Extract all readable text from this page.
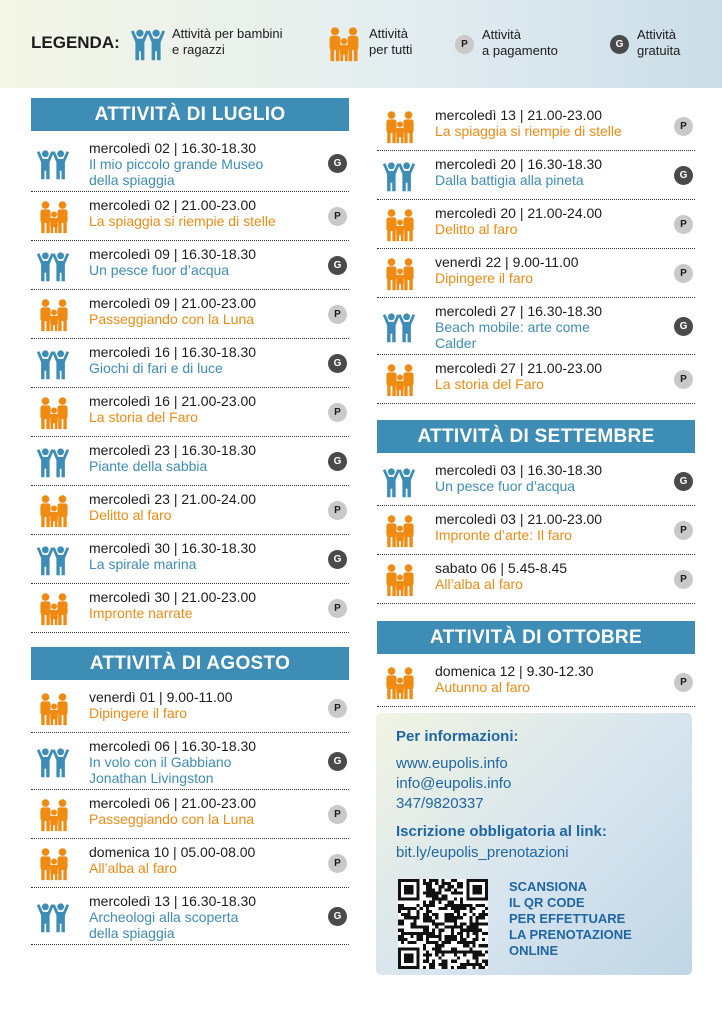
LEGENDA:	Attività per bambini
e ragazzi
Attività
per tutti	P
Attività
a pagamento	G
Attività
gratuita
ATTIVITÀ DI LUGLIO
mercoledì 02 | 16.30-18.30
Il mio piccolo grande Museo
della spiaggia
G
mercoledì 02 | 21.00-23.00
La spiaggia si riempie di stelle	P
mercoledì 09 | 16.30-18.30
Un pesce fuor d’acqua	G
mercoledì 09 | 21.00-23.00
Passeggiando con la Luna	P
mercoledì 16 | 16.30-18.30
Giochi di fari e di luce	G
mercoledì 16 | 21.00-23.00
La storia del Faro	P
mercoledì 23 | 16.30-18.30
Piante della sabbia	G
mercoledì 23 | 21.00-24.00
Delitto al faro	P
mercoledì 30 | 16.30-18.30
La spirale marina	G
mercoledì 30 | 21.00-23.00
Impronte narrate	P
ATTIVITÀ DI AGOSTO
venerdì 01 | 9.00-11.00
Dipingere il faro	P
mercoledì 06 | 16.30-18.30
In volo con il Gabbiano
Jonathan Livingston
G
mercoledì 06 | 21.00-23.00
Passeggiando con la Luna	P
domenica 10 | 05.00-08.00
All’alba al faro	P
mercoledì 13 | 16.30-18.30
Archeologi alla scoperta
della spiaggia
G
mercoledì 13 | 21.00-23.00
La spiaggia si riempie di stelle	P
mercoledì 20 | 16.30-18.30
Dalla battigia alla pineta	G
mercoledì 20 | 21.00-24.00
Delitto al faro	P
venerdì 22 | 9.00-11.00
Dipingere il faro	P
mercoledì 27 | 16.30-18.30
Beach mobile: arte come
Calder
G
mercoledì 27 | 21.00-23.00
La storia del Faro	P
ATTIVITÀ DI SETTEMBRE
mercoledì 03 | 16.30-18.30
Un pesce fuor d’acqua	G
mercoledì 03 | 21.00-23.00
Impronte d’arte: Il faro	P
sabato 06 | 5.45-8.45
All’alba al faro	P
ATTIVITÀ DI OTTOBRE
domenica 12 | 9.30-12.30
Autunno al faro	P
Per informazioni:
www.eupolis.info
info@eupolis.info
347/9820337
Iscrizione obbligatoria al link:
bit.ly/eupolis_prenotazioni
SCANSIONA
IL QR CODE
PER EFFETTUARE
LA PRENOTAZIONE
ONLINE
